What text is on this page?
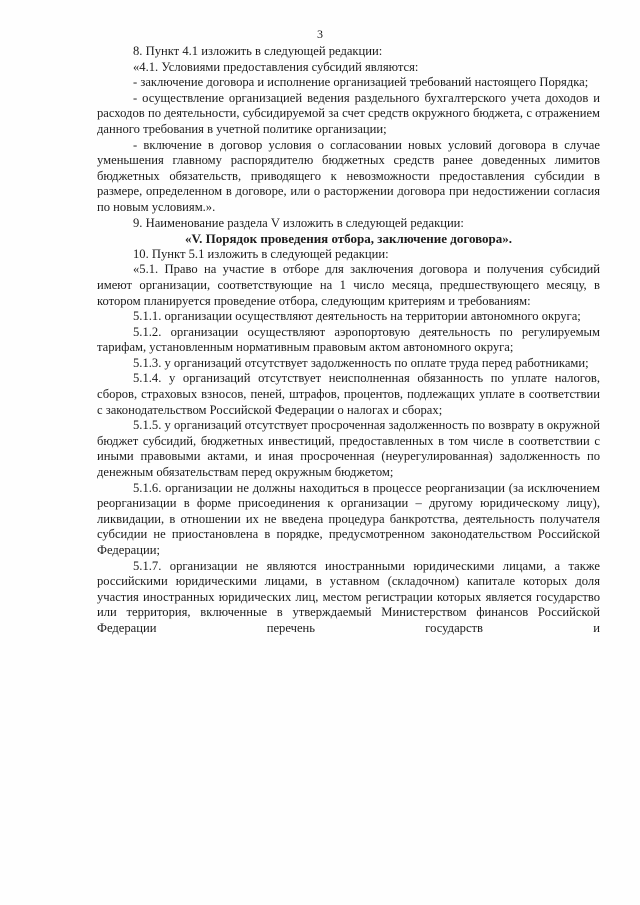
3

8. Пункт 4.1 изложить в следующей редакции:

«4.1. Условиями предоставления субсидий являются:

- заключение договора и исполнение организацией требований настоящего Порядка;

- осуществление организацией ведения раздельного бухгалтерского учета доходов и расходов по деятельности, субсидируемой за счет средств окружного бюджета, с отражением данного требования в учетной политике организации;

- включение в договор условия о согласовании новых условий договора в случае уменьшения главному распорядителю бюджетных средств ранее доведенных лимитов бюджетных обязательств, приводящего к невозможности предоставления субсидии в размере, определенном в договоре, или о расторжении договора при недостижении согласия по новым условиям.».

9. Наименование раздела V изложить в следующей редакции:

«V. Порядок проведения отбора, заключение договора».

10. Пункт 5.1 изложить в следующей редакции:

«5.1. Право на участие в отборе для заключения договора и получения субсидий имеют организации, соответствующие на 1 число месяца, предшествующего месяцу, в котором планируется проведение отбора, следующим критериям и требованиям:

5.1.1. организации осуществляют деятельность на территории автономного округа;

5.1.2. организации осуществляют аэропортовую деятельность по регулируемым тарифам, установленным нормативным правовым актом автономного округа;

5.1.3. у организаций отсутствует задолженность по оплате труда перед работниками;

5.1.4. у организаций отсутствует неисполненная обязанность по уплате налогов, сборов, страховых взносов, пеней, штрафов, процентов, подлежащих уплате в соответствии с законодательством Российской Федерации о налогах и сборах;

5.1.5. у организаций отсутствует просроченная задолженность по возврату в окружной бюджет субсидий, бюджетных инвестиций, предоставленных в том числе в соответствии с иными правовыми актами, и иная просроченная (неурегулированная) задолженность по денежным обязательствам перед окружным бюджетом;

5.1.6. организации не должны находиться в процессе реорганизации (за исключением реорганизации в форме присоединения к организации – другому юридическому лицу), ликвидации, в отношении их не введена процедура банкротства, деятельность получателя субсидии не приостановлена в порядке, предусмотренном законодательством Российской Федерации;

5.1.7. организации не являются иностранными юридическими лицами, а также российскими юридическими лицами, в уставном (складочном) капитале которых доля участия иностранных юридических лиц, местом регистрации которых является государство или территория, включенные в утверждаемый Министерством финансов Российской Федерации перечень государств и
